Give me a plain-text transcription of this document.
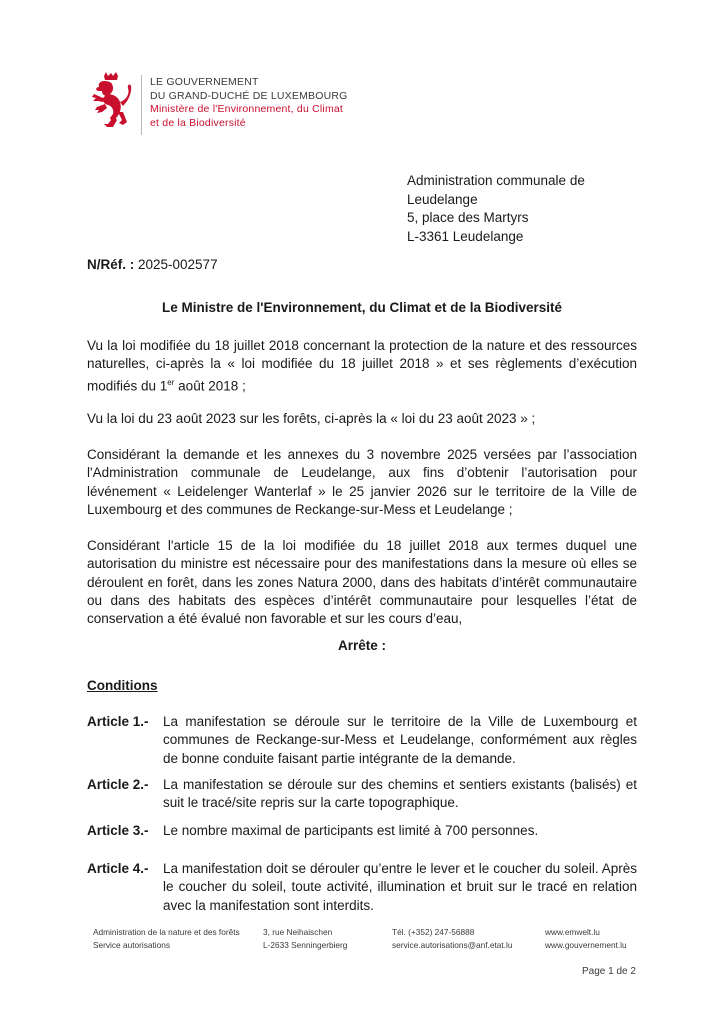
LE GOUVERNEMENT
DU GRAND-DUCHÉ DE LUXEMBOURG
Ministère de l'Environnement, du Climat
et de la Biodiversité
Administration communale de
Leudelange
5, place des Martyrs
L-3361 Leudelange
N/Réf. : 2025-002577
Le Ministre de l'Environnement, du Climat et de la Biodiversité
Vu la loi modifiée du 18 juillet 2018 concernant la protection de la nature et des ressources naturelles, ci-après la « loi modifiée du 18 juillet 2018 » et ses règlements d’exécution modifiés du 1er août 2018 ;
Vu la loi du 23 août 2023 sur les forêts, ci-après la « loi du 23 août 2023 » ;
Considérant la demande et les annexes du 3 novembre 2025 versées par l’association l'Administration communale de Leudelange, aux fins d’obtenir l’autorisation pour lévénement « Leidelenger Wanterlaf » le 25 janvier 2026 sur le territoire de la Ville de Luxembourg et des communes de Reckange-sur-Mess et Leudelange ;
Considérant l'article 15 de la loi modifiée du 18 juillet 2018 aux termes duquel une autorisation du ministre est nécessaire pour des manifestations dans la mesure où elles se déroulent en forêt, dans les zones Natura 2000, dans des habitats d’intérêt communautaire ou dans des habitats des espèces d’intérêt communautaire pour lesquelles l’état de conservation a été évalué non favorable et sur les cours d’eau,
Arrête :
Conditions
Article 1.- La manifestation se déroule sur le territoire de la Ville de Luxembourg et communes de Reckange-sur-Mess et Leudelange, conformément aux règles de bonne conduite faisant partie intégrante de la demande.
Article 2.- La manifestation se déroule sur des chemins et sentiers existants (balisés) et suit le tracé/site repris sur la carte topographique.
Article 3.- Le nombre maximal de participants est limité à 700 personnes.
Article 4.- La manifestation doit se dérouler qu’entre le lever et le coucher du soleil. Après le coucher du soleil, toute activité, illumination et bruit sur le tracé en relation avec la manifestation sont interdits.
Administration de la nature et des forêts
Service autorisations
3, rue Neihaischen
L-2633 Senningerbierg
Tél. (+352) 247-56888
service.autorisations@anf.etat.lu
www.emwelt.lu
www.gouvernement.lu
Page 1 de 2
